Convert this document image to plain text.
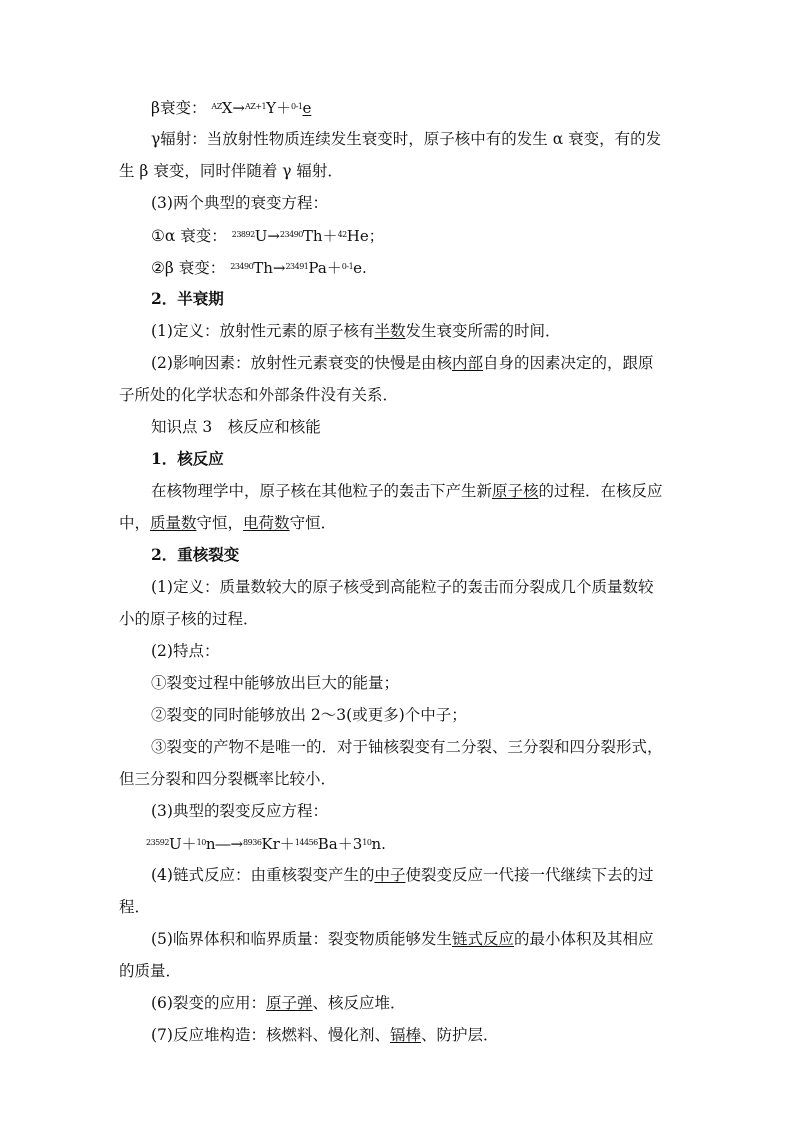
β衰变： $^{AZ}$X→$^{AZ+1}$Y＋$^{0-1}$e
γ辐射：当放射性物质连续发生衰变时，原子核中有的发生 α 衰变，有的发
生 β 衰变，同时伴随着 γ 辐射．
(3)两个典型的衰变方程：
①α 衰变： $^{23892}$U→$^{23490}$Th＋$^{42}$He；
②β 衰变： $^{23490}$Th→$^{23491}$Pa＋$^{0-1}$e.
2．半衰期
(1)定义：放射性元素的原子核有半数发生衰变所需的时间．
(2)影响因素：放射性元素衰变的快慢是由核内部自身的因素决定的，跟原
子所处的化学状态和外部条件没有关系．
知识点 3　核反应和核能
1．核反应
在核物理学中，原子核在其他粒子的轰击下产生新原子核的过程．在核反应
中，质量数守恒，电荷数守恒．
2．重核裂变
(1)定义：质量数较大的原子核受到高能粒子的轰击而分裂成几个质量数较
小的原子核的过程．
(2)特点：
①裂变过程中能够放出巨大的能量；
②裂变的同时能够放出 2～3(或更多)个中子；
③裂变的产物不是唯一的．对于铀核裂变有二分裂、三分裂和四分裂形式，
但三分裂和四分裂概率比较小．
(3)典型的裂变反应方程：
$^{23592}U+^{10}n―\to^{8936}Kr+^{14456}Ba+3^{10}n$.
(4)链式反应：由重核裂变产生的中子使裂变反应一代接一代继续下去的过
程．
(5)临界体积和临界质量：裂变物质能够发生链式反应的最小体积及其相应
的质量．
(6)裂变的应用：原子弹、核反应堆．
(7)反应堆构造：核燃料、慢化剂、镉棒、防护层．
